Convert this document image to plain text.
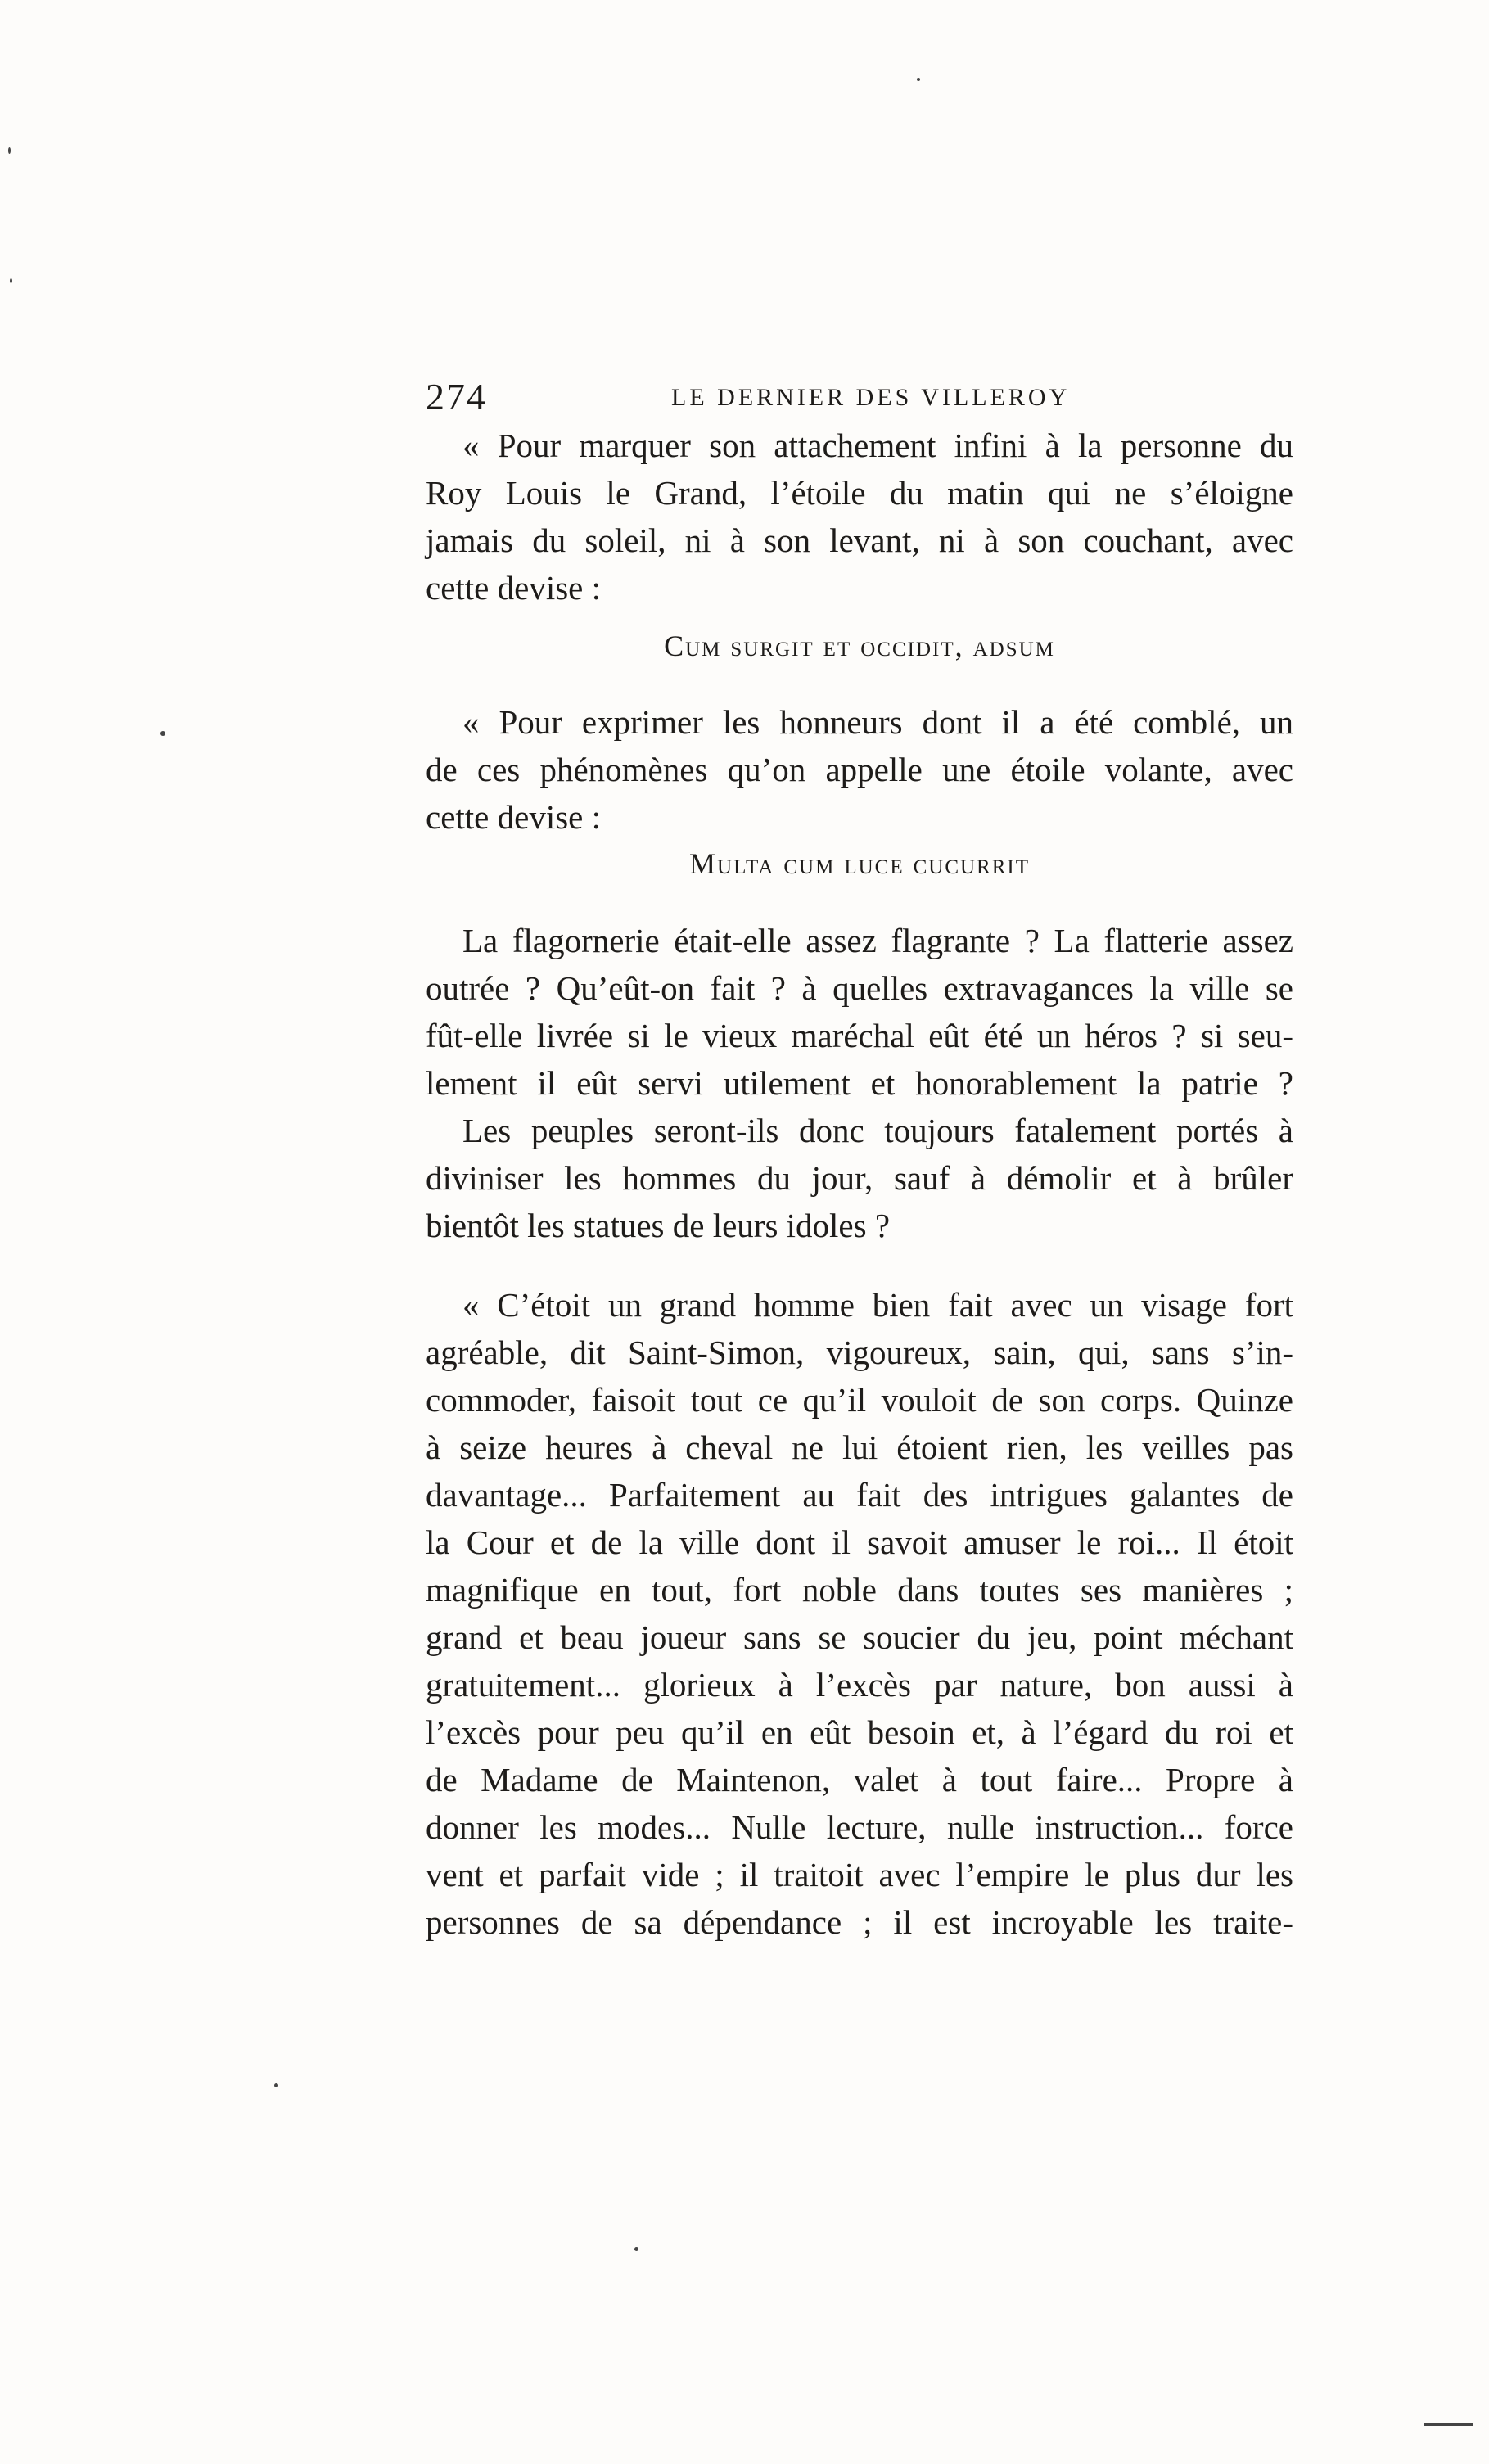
274	LE DERNIER DES VILLEROY
« Pour marquer son attachement infini à la personne du
Roy Louis le Grand, l’étoile du matin qui ne s’éloigne
jamais du soleil, ni à son levant, ni à son couchant, avec
cette devise :
Cum surgit et occidit, adsum
« Pour exprimer les honneurs dont il a été comblé, un
de ces phénomènes qu’on appelle une étoile volante, avec
cette devise :
Multa cum luce cucurrit
La flagornerie était-elle assez flagrante ? La flatterie assez
outrée ? Qu’eût-on fait ? à quelles extravagances la ville se
fût-elle livrée si le vieux maréchal eût été un héros ? si seu-
lement il eût servi utilement et honorablement la patrie ?
Les peuples seront-ils donc toujours fatalement portés à
diviniser les hommes du jour, sauf à démolir et à brûler
bientôt les statues de leurs idoles ?
« C’étoit un grand homme bien fait avec un visage fort
agréable, dit Saint-Simon, vigoureux, sain, qui, sans s’in-
commoder, faisoit tout ce qu’il vouloit de son corps. Quinze
à seize heures à cheval ne lui étoient rien, les veilles pas
davantage... Parfaitement au fait des intrigues galantes de
la Cour et de la ville dont il savoit amuser le roi... Il étoit
magnifique en tout, fort noble dans toutes ses manières ;
grand et beau joueur sans se soucier du jeu, point méchant
gratuitement... glorieux à l’excès par nature, bon aussi à
l’excès pour peu qu’il en eût besoin et, à l’égard du roi et
de Madame de Maintenon, valet à tout faire... Propre à
donner les modes... Nulle lecture, nulle instruction... force
vent et parfait vide ; il traitoit avec l’empire le plus dur les
personnes de sa dépendance ; il est incroyable les traite-
